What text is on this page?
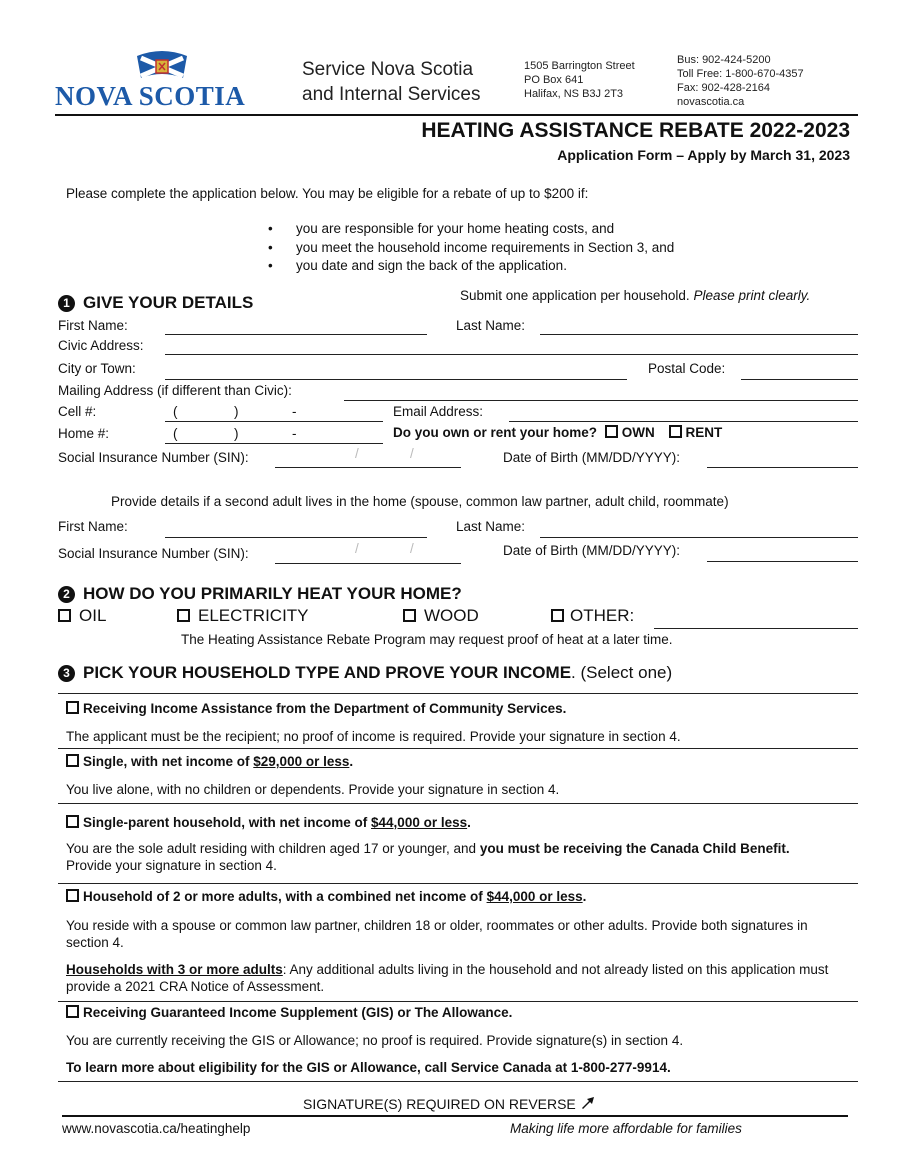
NOVA SCOTIA
Service Nova Scotia
and Internal Services
1505 Barrington Street
PO Box 641
Halifax, NS B3J 2T3
Bus: 902-424-5200
Toll Free: 1-800-670-4357
Fax: 902-428-2164
novascotia.ca
HEATING ASSISTANCE REBATE 2022-2023
Application Form – Apply by March 31, 2023
Please complete the application below. You may be eligible for a rebate of up to $200 if:
• you are responsible for your home heating costs, and
• you meet the household income requirements in Section 3, and
• you date and sign the back of the application.
1 GIVE YOUR DETAILS	Submit one application per household. Please print clearly.
First Name:	Last Name:
Civic Address:
City or Town:	Postal Code:
Mailing Address (if different than Civic):
Cell #:	(	)	-	Email Address:
Home #:	(	)	-	Do you own or rent your home? OWN RENT
Social Insurance Number (SIN):	/	/	Date of Birth (MM/DD/YYYY):
Provide details if a second adult lives in the home (spouse, common law partner, adult child, roommate)
First Name:	Last Name:
Social Insurance Number (SIN):	/	/	Date of Birth (MM/DD/YYYY):
2 HOW DO YOU PRIMARILY HEAT YOUR HOME?
OIL	ELECTRICITY	WOOD	OTHER:
The Heating Assistance Rebate Program may request proof of heat at a later time.
3 PICK YOUR HOUSEHOLD TYPE AND PROVE YOUR INCOME. (Select one)
Receiving Income Assistance from the Department of Community Services.
The applicant must be the recipient; no proof of income is required. Provide your signature in section 4.
Single, with net income of $29,000 or less.
You live alone, with no children or dependents. Provide your signature in section 4.
Single-parent household, with net income of $44,000 or less.
You are the sole adult residing with children aged 17 or younger, and you must be receiving the Canada Child Benefit. Provide your signature in section 4.
Household of 2 or more adults, with a combined net income of $44,000 or less.
You reside with a spouse or common law partner, children 18 or older, roommates or other adults. Provide both signatures in section 4.
Households with 3 or more adults: Any additional adults living in the household and not already listed on this application must provide a 2021 CRA Notice of Assessment.
Receiving Guaranteed Income Supplement (GIS) or The Allowance.
You are currently receiving the GIS or Allowance; no proof is required. Provide signature(s) in section 4.
To learn more about eligibility for the GIS or Allowance, call Service Canada at 1-800-277-9914.
SIGNATURE(S) REQUIRED ON REVERSE
www.novascotia.ca/heatinghelp	Making life more affordable for families
